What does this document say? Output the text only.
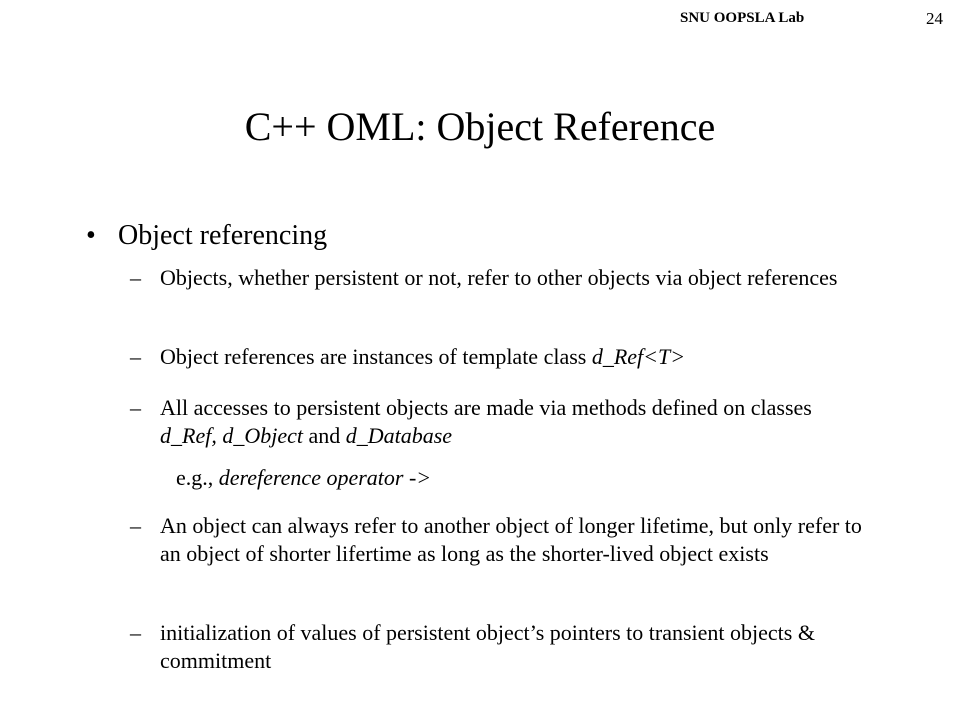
SNU OOPSLA Lab	24
C++ OML: Object Reference
• Object referencing
– Objects, whether persistent or not, refer to other objects via object references
– Object references are instances of template class d_Ref<T>
– All accesses to persistent objects are made via methods defined on classes d_Ref, d_Object and d_Database
e.g., dereference operator ->
– An object can always refer to another object of longer lifetime, but only refer to an object of shorter lifertime as long as the shorter-lived object exists
– initialization of values of persistent object’s pointers to transient objects & commitment
